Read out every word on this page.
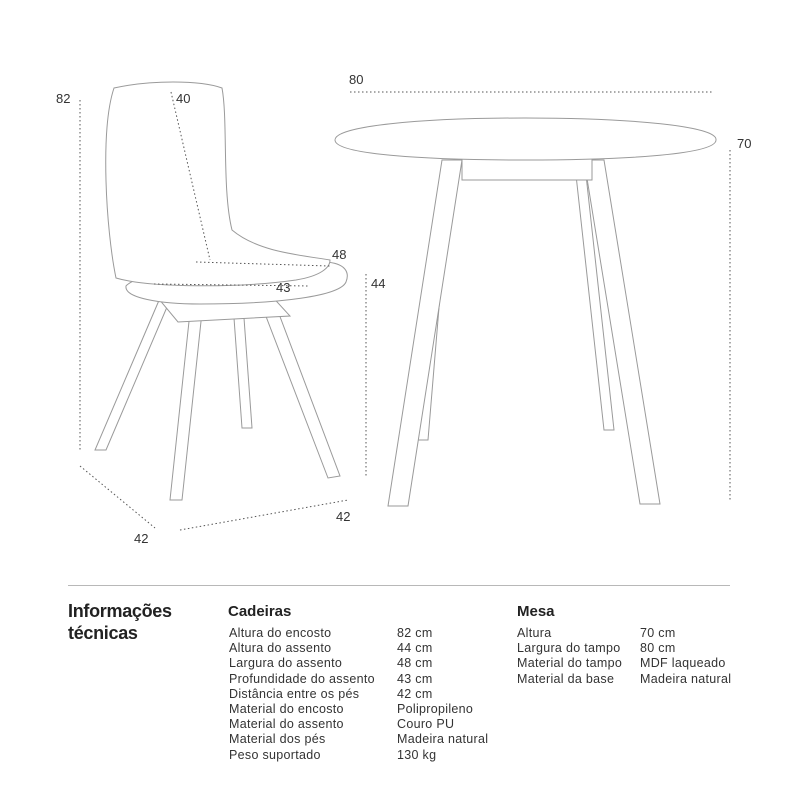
82	40
48
43	44
42
42
80
70
Informações
técnicas
Cadeiras
Altura do encosto
Altura do assento
Largura do assento
Profundidade do assento
Distância entre os pés
Material do encosto
Material do assento
Material dos pés
Peso suportado
82 cm
44 cm
48 cm
43 cm
42 cm
Polipropileno
Couro PU
Madeira natural
130 kg
Mesa
Altura
Largura do tampo
Material do tampo
Material da base
70 cm
80 cm
MDF laqueado
Madeira natural
